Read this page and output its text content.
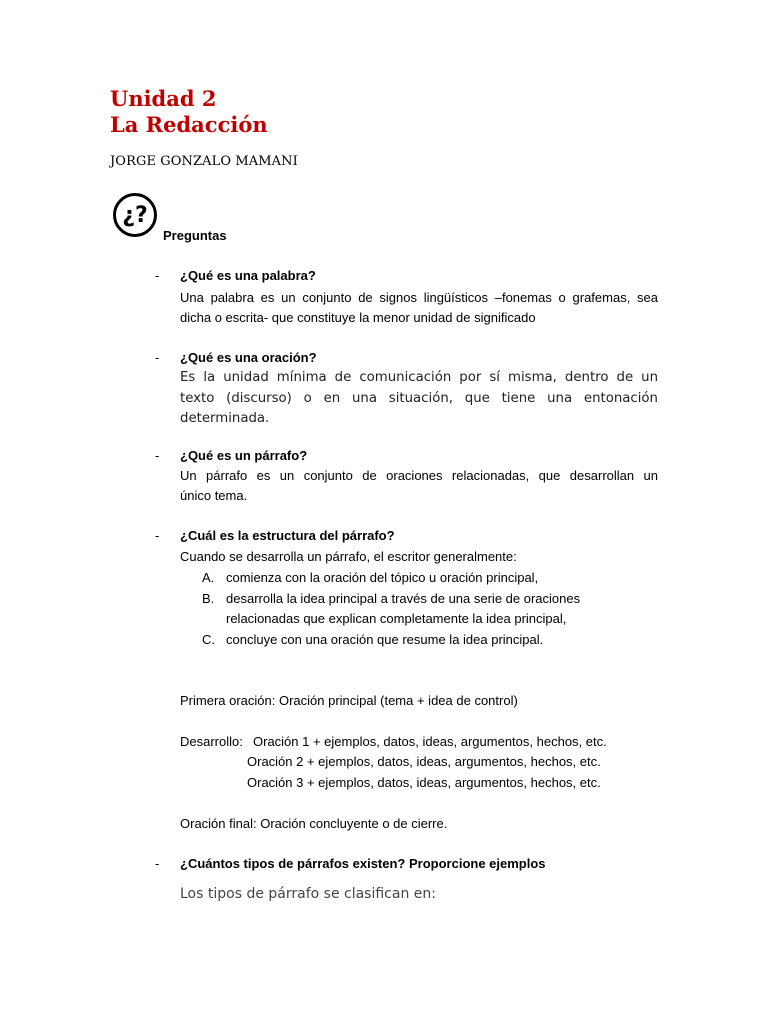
Unidad 2
La Redacción
JORGE GONZALO MAMANI
¿?
Preguntas
- ¿Qué es una palabra?
Una palabra es un conjunto de signos lingüísticos –fonemas o grafemas, sea
dicha o escrita- que constituye la menor unidad de significado
- ¿Qué es una oración?
Es la unidad mínima de comunicación por sí misma, dentro de un
texto (discurso) o en una situación, que tiene una entonación
determinada.
- ¿Qué es un párrafo?
Un párrafo es un conjunto de oraciones relacionadas, que desarrollan un
único tema.
- ¿Cuál es la estructura del párrafo?
Cuando se desarrolla un párrafo, el escritor generalmente:
A. comienza con la oración del tópico u oración principal,
B. desarrolla la idea principal a través de una serie de oraciones
relacionadas que explican completamente la idea principal,
C. concluye con una oración que resume la idea principal.
Primera oración: Oración principal (tema + idea de control)
Desarrollo: Oración 1 + ejemplos, datos, ideas, argumentos, hechos, etc.
Oración 2 + ejemplos, datos, ideas, argumentos, hechos, etc.
Oración 3 + ejemplos, datos, ideas, argumentos, hechos, etc.
Oración final: Oración concluyente o de cierre.
- ¿Cuántos tipos de párrafos existen? Proporcione ejemplos
Los tipos de párrafo se clasifican en:
